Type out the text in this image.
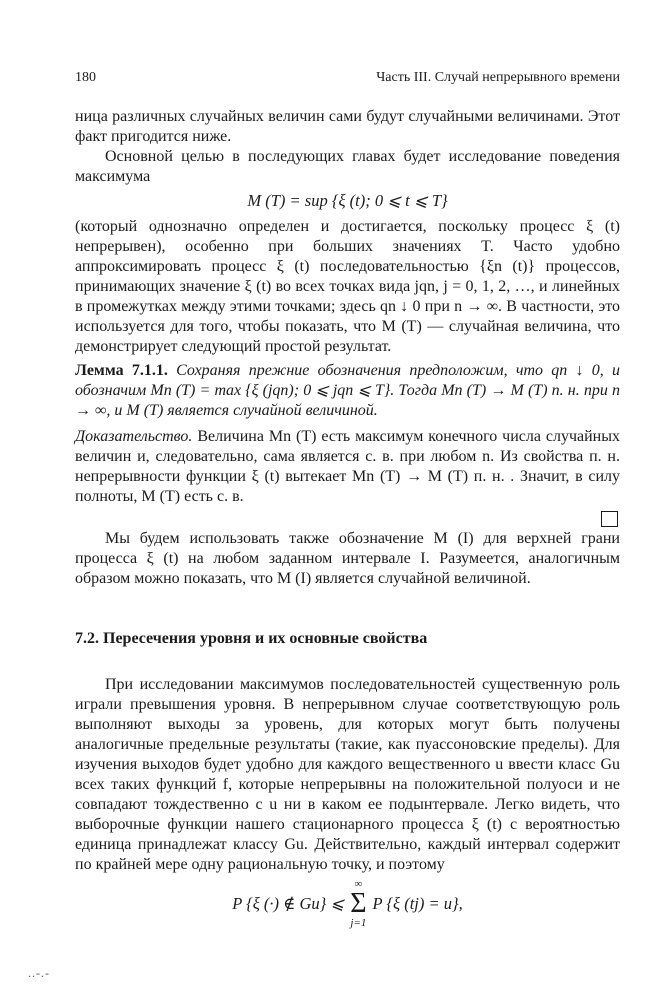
180	Часть III. Случай непрерывного времени

ница различных случайных величин сами будут случайными величинами. Этот факт пригодится ниже.

Основной целью в последующих главах будет исследование поведения максимума

M (T) = sup {ξ (t); 0 ⩽ t ⩽ T}

(который однозначно определен и достигается, поскольку процесс ξ (t) непрерывен), особенно при больших значениях T. Часто удобно аппроксимировать процесс ξ (t) последовательностью {ξn (t)} процессов, принимающих значение ξ (t) во всех точках вида jqn, j = 0, 1, 2, …, и линейных в промежутках между этими точками; здесь qn ↓ 0 при n → ∞. В частности, это используется для того, чтобы показать, что M (T) — случайная величина, что демонстрирует следующий простой результат.

Лемма 7.1.1. Сохраняя прежние обозначения предположим, что qn ↓ 0, и обозначим Mn (T) = max {ξ (jqn); 0 ⩽ jqn ⩽ T}. Тогда Mn (T) → M (T) п. н. при n → ∞, и M (T) является случайной величиной.

Доказательство. Величина Mn (T) есть максимум конечного числа случайных величин и, следовательно, сама является с. в. при любом n. Из свойства п. н. непрерывности функции ξ (t) вытекает Mn (T) → M (T) п. н. . Значит, в силу полноты, M (T) есть с. в.

Мы будем использовать также обозначение M (I) для верхней грани процесса ξ (t) на любом заданном интервале I. Разумеется, аналогичным образом можно показать, что M (I) является случайной величиной.

7.2. Пересечения уровня и их основные свойства

При исследовании максимумов последовательностей существенную роль играли превышения уровня. В непрерывном случае соответствующую роль выполняют выходы за уровень, для которых могут быть получены аналогичные предельные результаты (такие, как пуассоновские пределы). Для изучения выходов будет удобно для каждого вещественного u ввести класс Gu всех таких функций f, которые непрерывны на положительной полуоси и не совпадают тождественно с u ни в каком ее подынтервале. Легко видеть, что выборочные функции нашего стационарного процесса ξ (t) с вероятностью единица принадлежат классу Gu. Действительно, каждый интервал содержит по крайней мере одну рациональную точку, и поэтому

P {ξ (·) ∉ Gu} ⩽
∞
Σ
j=1
P {ξ (tj) = u},
..-.-
